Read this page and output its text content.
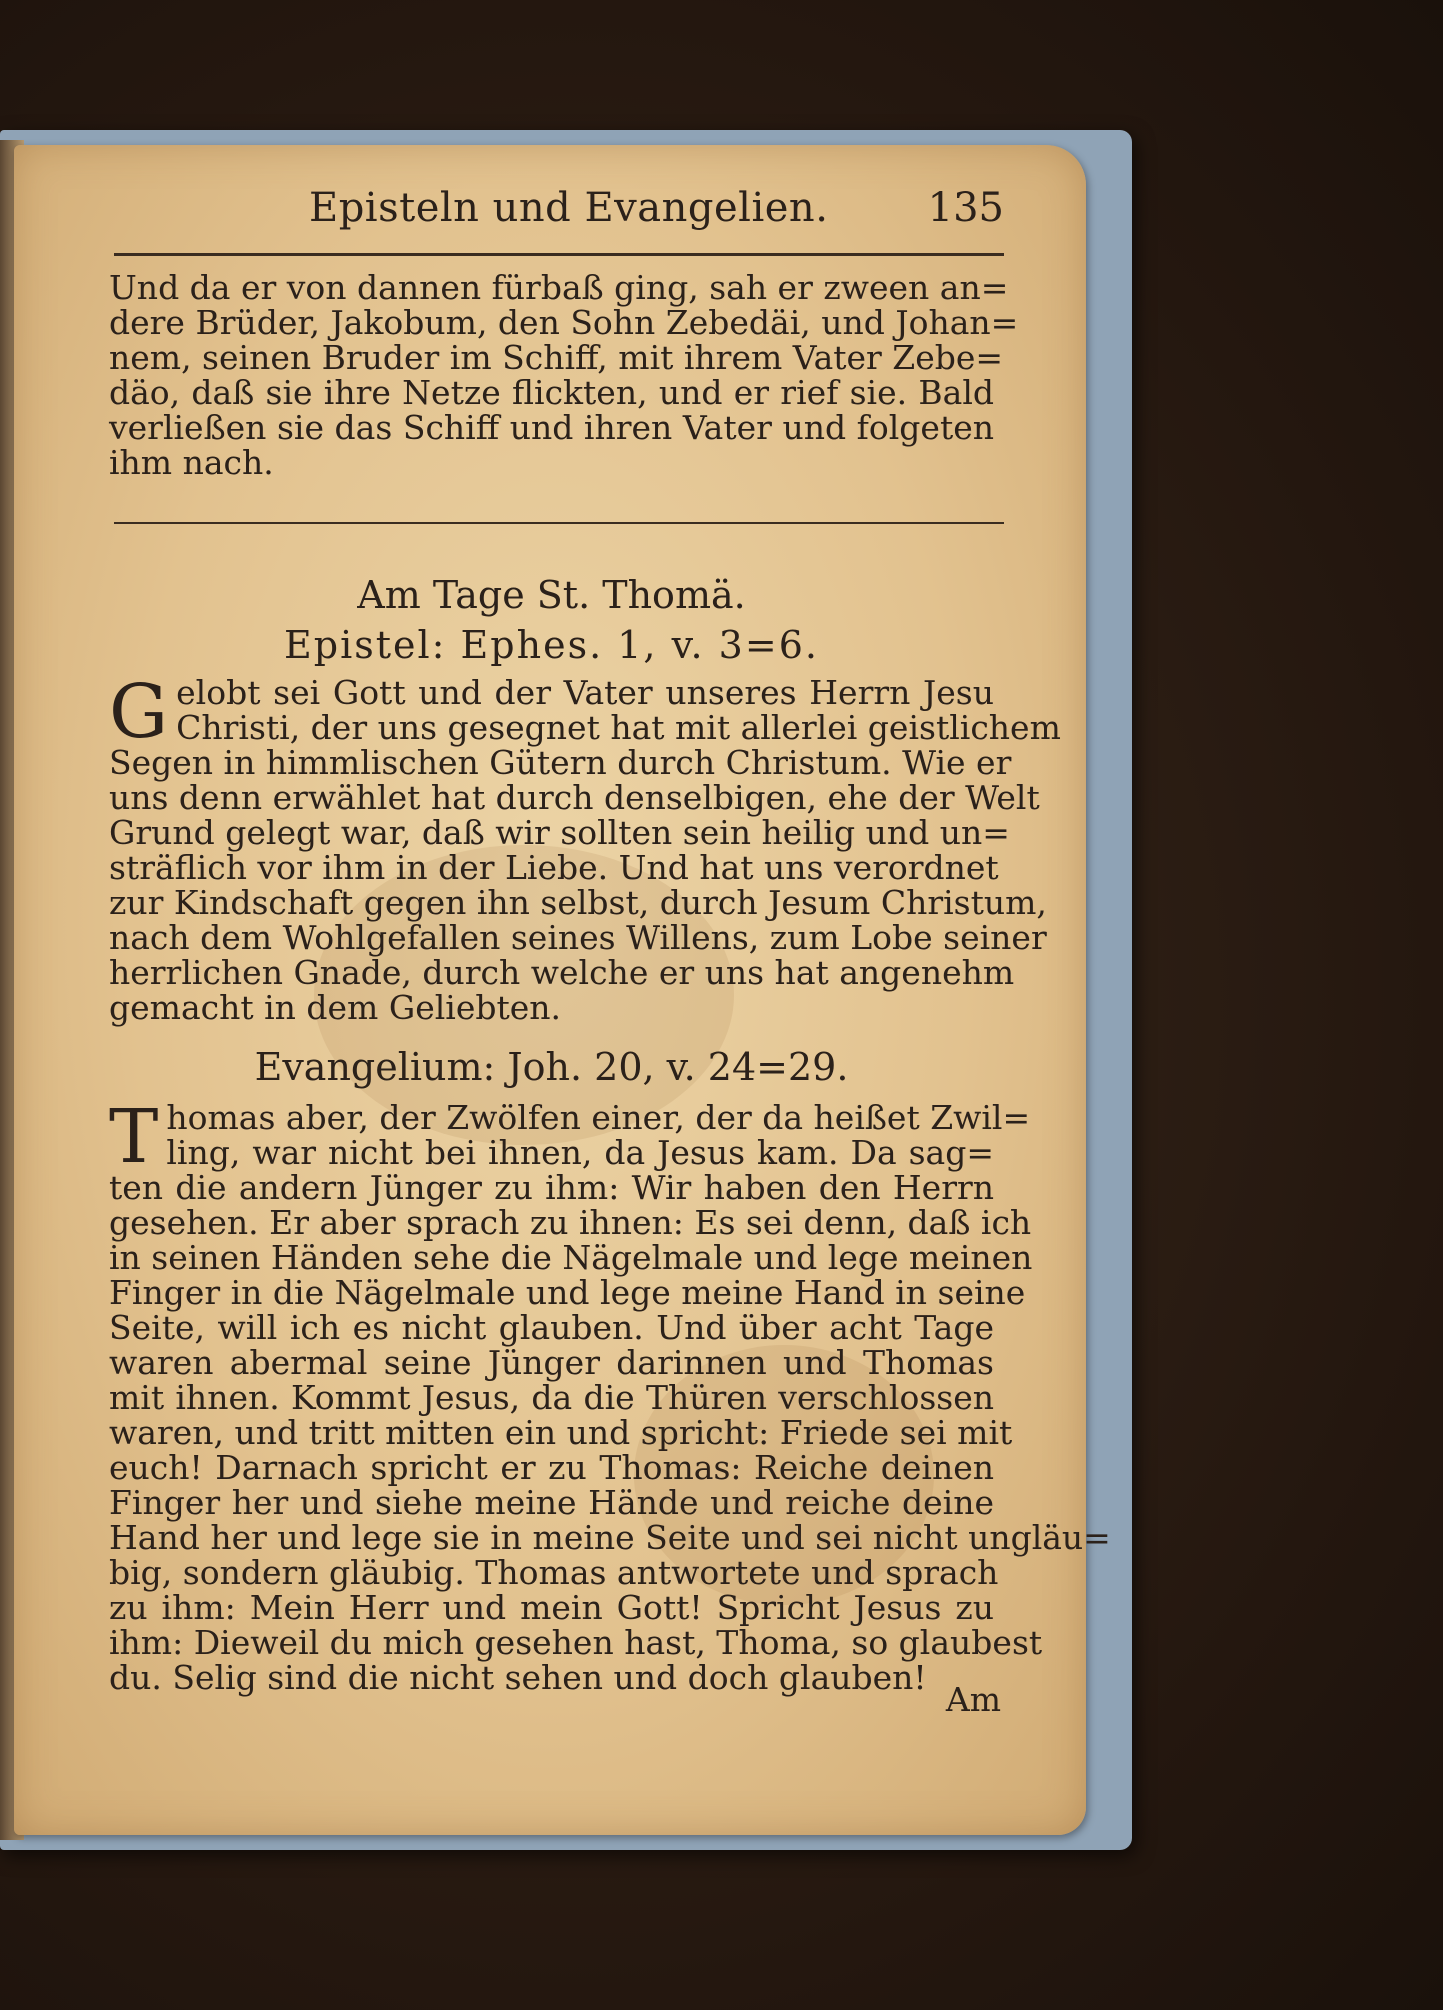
Episteln und Evangelien. 135
Und da er von dannen fürbaß ging, sah er zween an=
dere Brüder, Jakobum, den Sohn Zebedäi, und Johan=
nem, seinen Bruder im Schiff, mit ihrem Vater Zebe=
däo, daß sie ihre Netze flickten, und er rief sie. Bald
verließen sie das Schiff und ihren Vater und folgeten
ihm nach.
Am Tage St. Thomä.
Epistel: Ephes. 1, v. 3=6.
G elobt sei Gott und der Vater unseres Herrn Jesu
Christi, der uns gesegnet hat mit allerlei geistlichem
Segen in himmlischen Gütern durch Christum. Wie er
uns denn erwählet hat durch denselbigen, ehe der Welt
Grund gelegt war, daß wir sollten sein heilig und un=
sträflich vor ihm in der Liebe. Und hat uns verordnet
zur Kindschaft gegen ihn selbst, durch Jesum Christum,
nach dem Wohlgefallen seines Willens, zum Lobe seiner
herrlichen Gnade, durch welche er uns hat angenehm
gemacht in dem Geliebten.
Evangelium: Joh. 20, v. 24=29.
T homas aber, der Zwölfen einer, der da heißet Zwil=
ling, war nicht bei ihnen, da Jesus kam. Da sag=
ten die andern Jünger zu ihm: Wir haben den Herrn
gesehen. Er aber sprach zu ihnen: Es sei denn, daß ich
in seinen Händen sehe die Nägelmale und lege meinen
Finger in die Nägelmale und lege meine Hand in seine
Seite, will ich es nicht glauben. Und über acht Tage
waren abermal seine Jünger darinnen und Thomas
mit ihnen. Kommt Jesus, da die Thüren verschlossen
waren, und tritt mitten ein und spricht: Friede sei mit
euch! Darnach spricht er zu Thomas: Reiche deinen
Finger her und siehe meine Hände und reiche deine
Hand her und lege sie in meine Seite und sei nicht ungläu=
big, sondern gläubig. Thomas antwortete und sprach
zu ihm: Mein Herr und mein Gott! Spricht Jesus zu
ihm: Dieweil du mich gesehen hast, Thoma, so glaubest
du. Selig sind die nicht sehen und doch glauben!
Am
